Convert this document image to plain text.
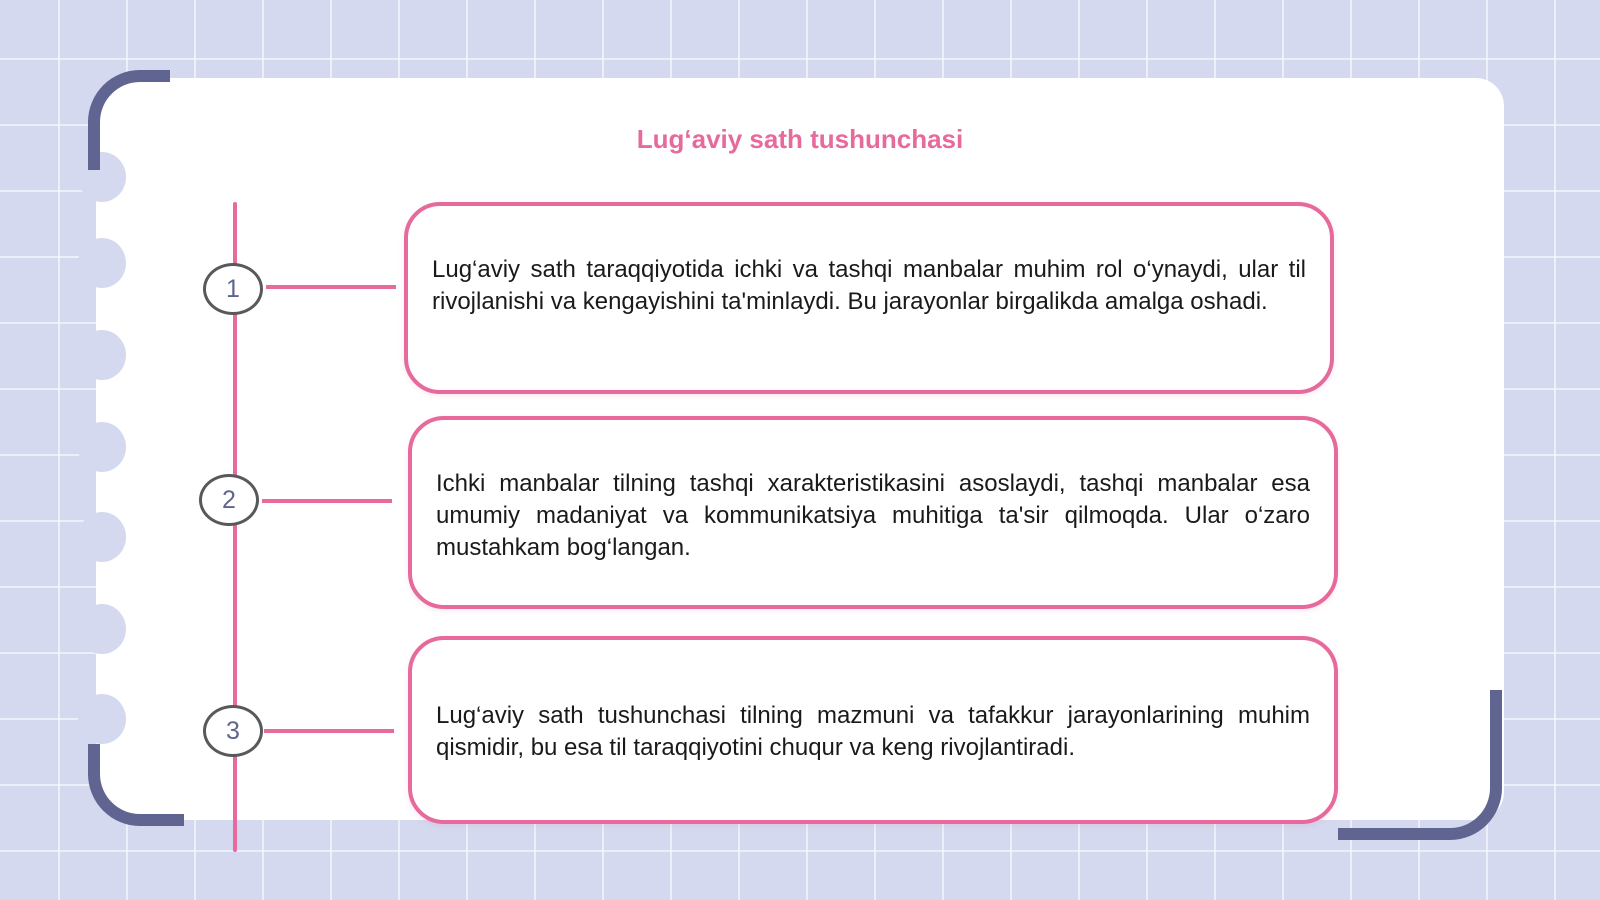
Lug‘aviy sath tushunchasi
1
2
3
Lug‘aviy sath taraqqiyotida ichki va tashqi manbalar muhim rol o‘ynaydi, ular til rivojlanishi va kengayishini ta'minlaydi. Bu jarayonlar birgalikda amalga oshadi.
Ichki manbalar tilning tashqi xarakteristikasini asoslaydi, tashqi manbalar esa umumiy madaniyat va kommunikatsiya muhitiga ta'sir qilmoqda. Ular o‘zaro mustahkam bog‘langan.
Lug‘aviy sath tushunchasi tilning mazmuni va tafakkur jarayonlarining muhim qismidir, bu esa til taraqqiyotini chuqur va keng rivojlantiradi.
